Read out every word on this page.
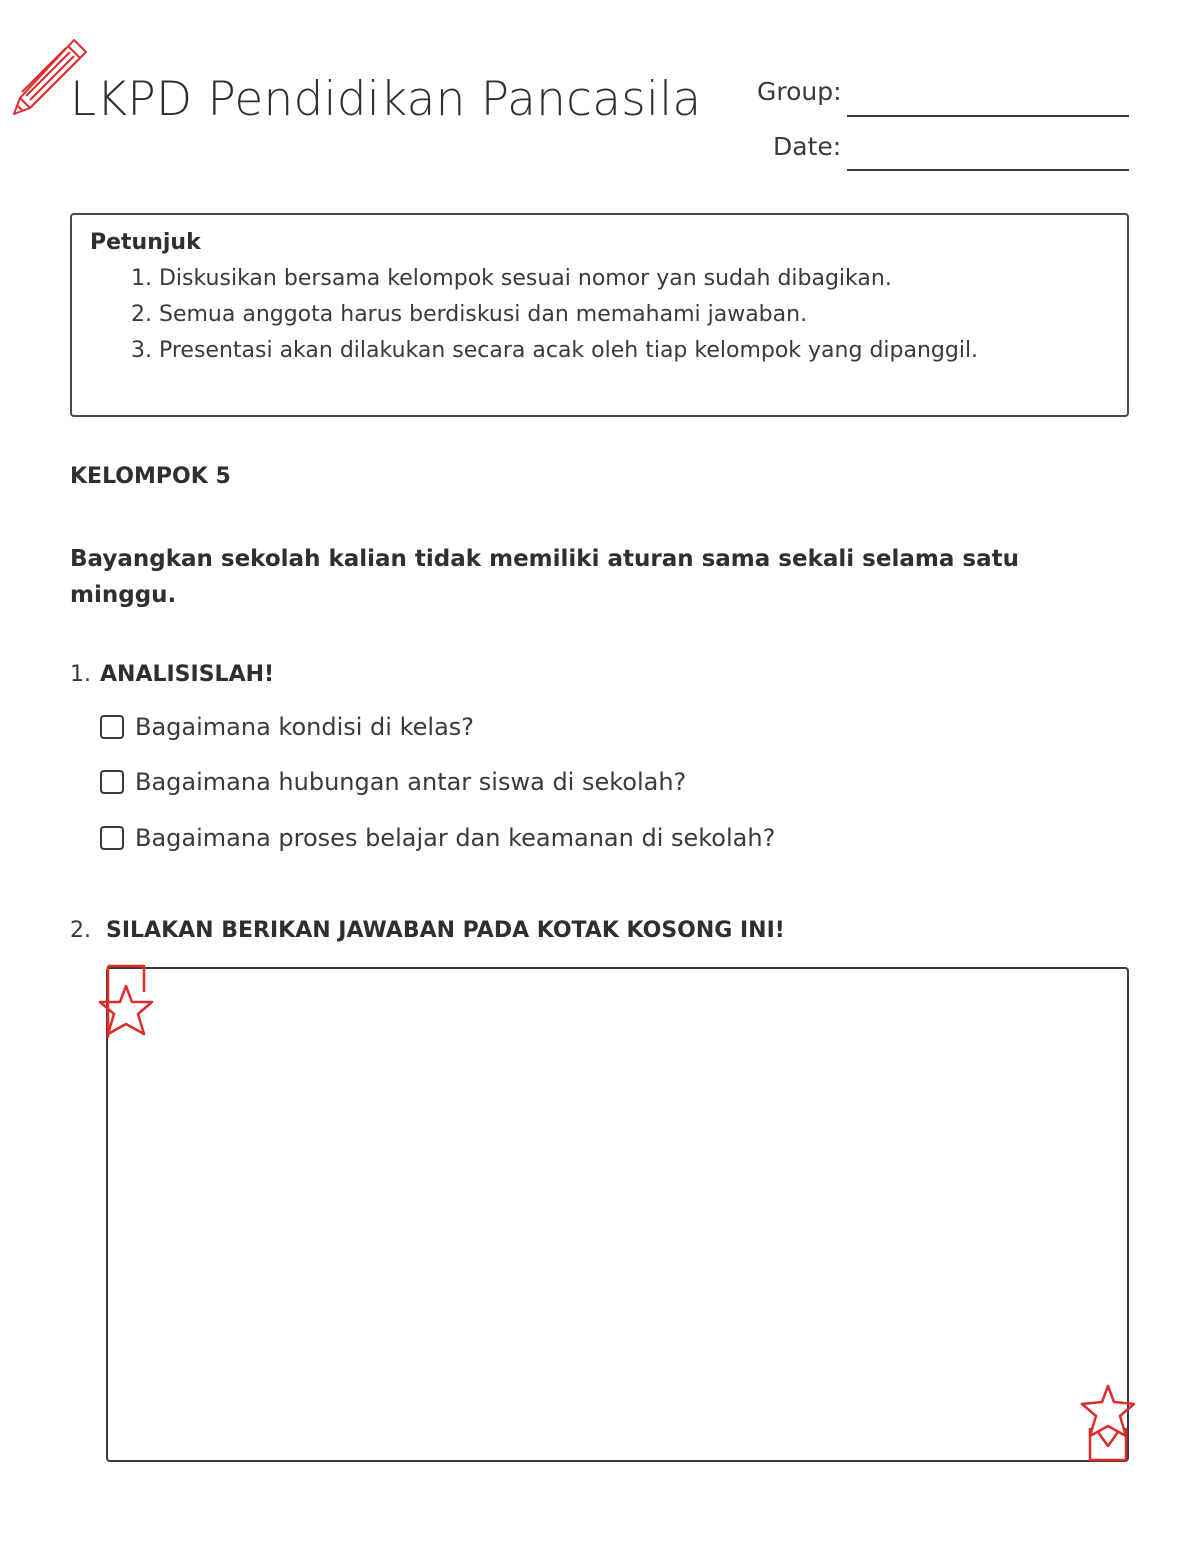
LKPD Pendidikan Pancasila Group:
Date:
Petunjuk
1. Diskusikan bersama kelompok sesuai nomor yan sudah dibagikan.
2. Semua anggota harus berdiskusi dan memahami jawaban.
3. Presentasi akan dilakukan secara acak oleh tiap kelompok yang dipanggil.
KELOMPOK 5
Bayangkan sekolah kalian tidak memiliki aturan sama sekali selama satu minggu.
1. ANALISISLAH!
Bagaimana kondisi di kelas?
Bagaimana hubungan antar siswa di sekolah?
Bagaimana proses belajar dan keamanan di sekolah?
2. SILAKAN BERIKAN JAWABAN PADA KOTAK KOSONG INI!
